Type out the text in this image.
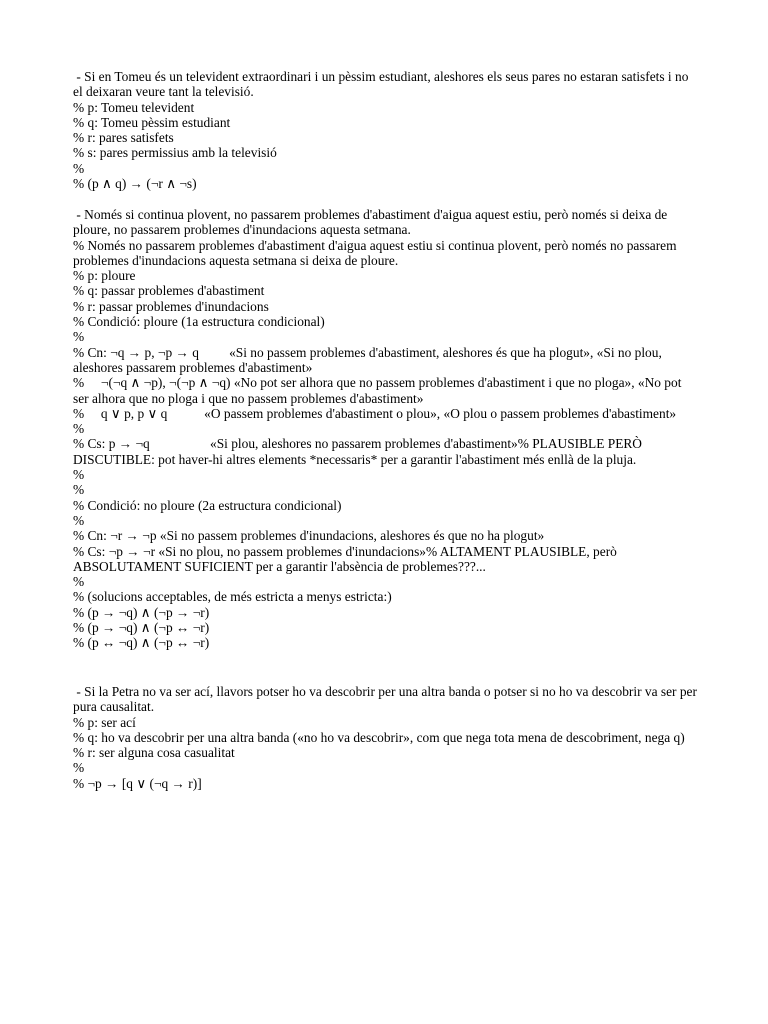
- Si en Tomeu és un televident extraordinari i un pèssim estudiant, aleshores els seus pares no estaran satisfets i no el deixaran veure tant la televisió.
% p: Tomeu televident
% q: Tomeu pèssim estudiant
% r: pares satisfets
% s: pares permissius amb la televisió
%
% (p ∧ q) → (¬r ∧ ¬s)
- Només si continua plovent, no passarem problemes d'abastiment d'aigua aquest estiu, però només si deixa de ploure, no passarem problemes d'inundacions aquesta setmana.
% Només no passarem problemes d'abastiment d'aigua aquest estiu si continua plovent, però només no passarem problemes d'inundacions aquesta setmana si deixa de ploure.
% p: ploure
% q: passar problemes d'abastiment
% r: passar problemes d'inundacions
% Condició: ploure (1a estructura condicional)
%
% Cn: ¬q → p, ¬p → q         «Si no passem problemes d'abastiment, aleshores és que ha plogut», «Si no plou, aleshores passarem problemes d'abastiment»
%     ¬(¬q ∧ ¬p), ¬(¬p ∧ ¬q) «No pot ser alhora que no passem problemes d'abastiment i que no ploga», «No pot ser alhora que no ploga i que no passem problemes d'abastiment»
%     q ∨ p, p ∨ q           «O passem problemes d'abastiment o plou», «O plou o passem problemes d'abastiment»
%
% Cs: p → ¬q                  «Si plou, aleshores no passarem problemes d'abastiment»% PLAUSIBLE PERÒ DISCUTIBLE: pot haver-hi altres elements *necessaris* per a garantir l'abastiment més enllà de la pluja.
%
%
% Condició: no ploure (2a estructura condicional)
%
% Cn: ¬r → ¬p «Si no passem problemes d'inundacions, aleshores és que no ha plogut»
% Cs: ¬p → ¬r «Si no plou, no passem problemes d'inundacions»% ALTAMENT PLAUSIBLE, però ABSOLUTAMENT SUFICIENT per a garantir l'absència de problemes???...
%
% (solucions acceptables, de més estricta a menys estricta:)
% (p → ¬q) ∧ (¬p → ¬r)
% (p → ¬q) ∧ (¬p ↔ ¬r)
% (p ↔ ¬q) ∧ (¬p ↔ ¬r)
- Si la Petra no va ser ací, llavors potser ho va descobrir per una altra banda o potser si no ho va descobrir va ser per pura causalitat.
% p: ser ací
% q: ho va descobrir per una altra banda («no ho va descobrir», com que nega tota mena de descobriment, nega q)
% r: ser alguna cosa casualitat
%
% ¬p → [q ∨ (¬q → r)]
